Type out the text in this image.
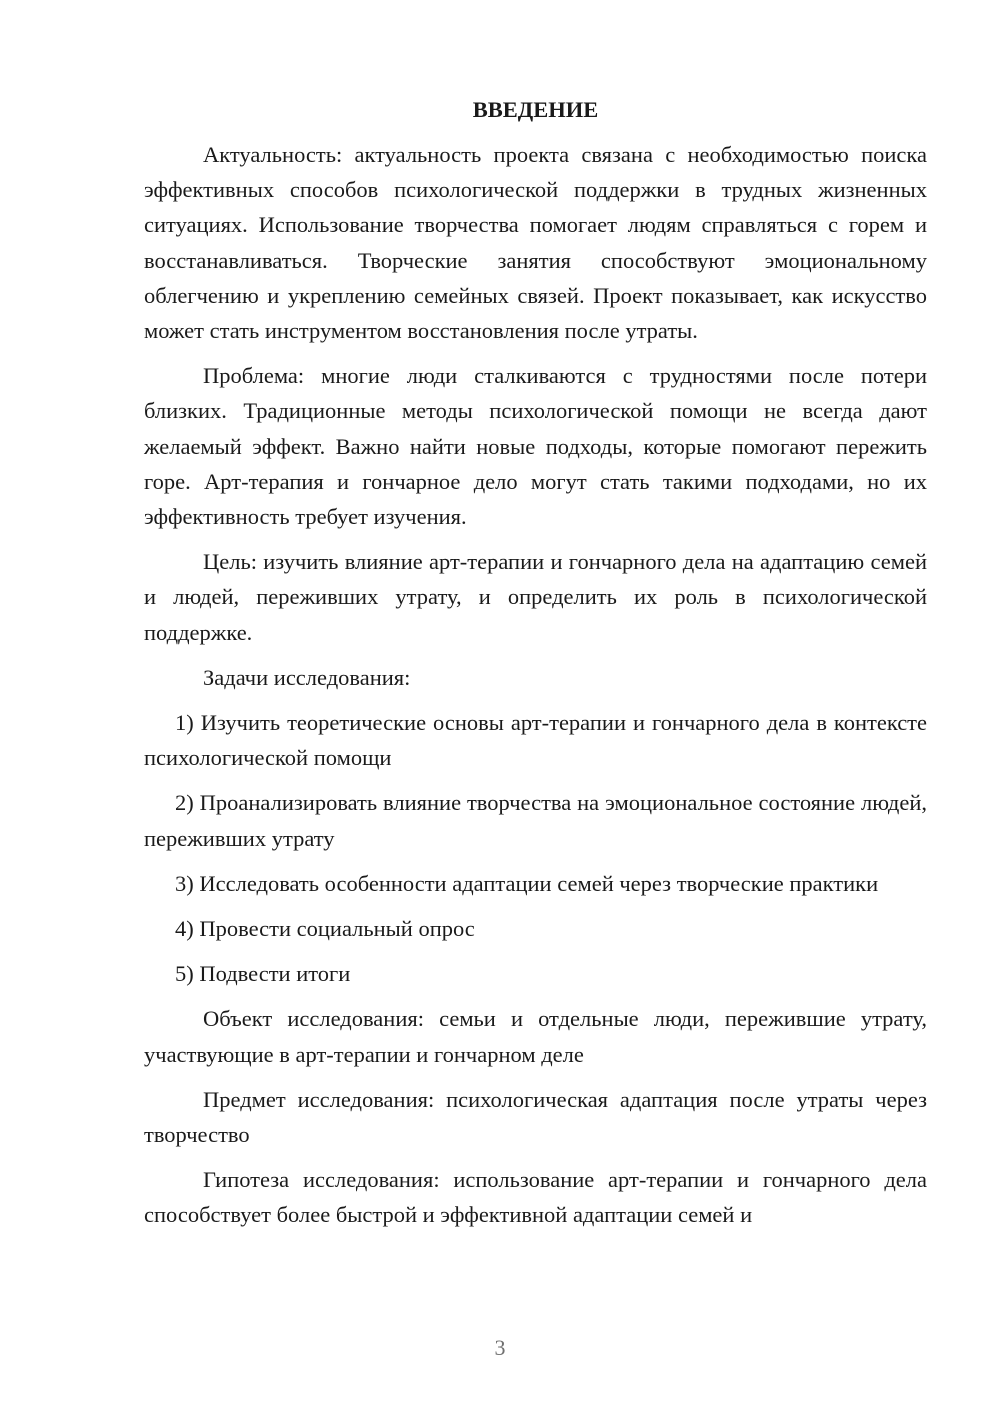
ВВЕДЕНИЕ

Актуальность: актуальность проекта связана с необходимостью поиска эффективных способов психологической поддержки в трудных жизненных ситуациях. Использование творчества помогает людям справляться с горем и восстанавливаться. Творческие занятия способствуют эмоциональному облегчению и укреплению семейных связей. Проект показывает, как искусство может стать инструментом восстановления после утраты.

Проблема: многие люди сталкиваются с трудностями после потери близких. Традиционные методы психологической помощи не всегда дают желаемый эффект. Важно найти новые подходы, которые помогают пережить горе. Арт-терапия и гончарное дело могут стать такими подходами, но их эффективность требует изучения.

Цель: изучить влияние арт-терапии и гончарного дела на адаптацию семей и людей, переживших утрату, и определить их роль в психологической поддержке.

Задачи исследования:

1) Изучить теоретические основы арт-терапии и гончарного дела в контексте психологической помощи

2) Проанализировать влияние творчества на эмоциональное состояние людей, переживших утрату

3) Исследовать особенности адаптации семей через творческие практики

4) Провести социальный опрос

5) Подвести итоги

Объект исследования: семьи и отдельные люди, пережившие утрату, участвующие в арт-терапии и гончарном деле

Предмет исследования: психологическая адаптация после утраты через творчество

Гипотеза исследования: использование арт-терапии и гончарного дела способствует более быстрой и эффективной адаптации семей и

3
